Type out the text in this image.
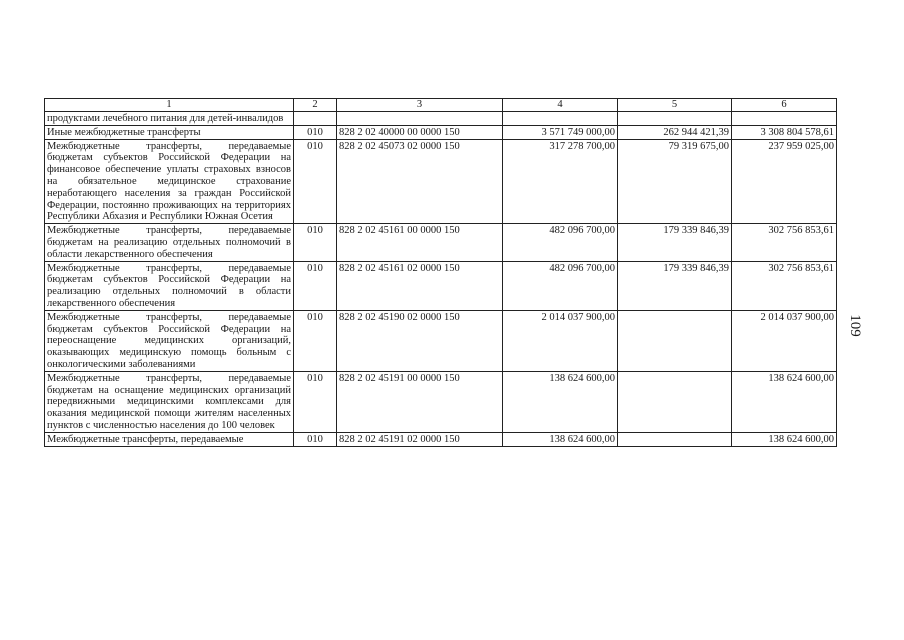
1	2	3	4	5	6
продуктами лечебного питания для детей-инвалидов					
Иные межбюджетные трансферты	010	828 2 02 40000 00 0000 150	3 571 749 000,00	262 944 421,39	3 308 804 578,61
Межбюджетные трансферты, передаваемые бюджетам субъектов Российской Федерации на финансовое обеспечение уплаты страховых взносов на обязательное медицинское страхование неработающего населения за граждан Российской Федерации, постоянно проживающих на территориях Республики Абхазия и Республики Южная Осетия	010	828 2 02 45073 02 0000 150	317 278 700,00	79 319 675,00	237 959 025,00
Межбюджетные трансферты, передаваемые бюджетам на реализацию отдельных полномочий в области лекарственного обеспечения	010	828 2 02 45161 00 0000 150	482 096 700,00	179 339 846,39	302 756 853,61
Межбюджетные трансферты, передаваемые бюджетам субъектов Российской Федерации на реализацию отдельных полномочий в области лекарственного обеспечения	010	828 2 02 45161 02 0000 150	482 096 700,00	179 339 846,39	302 756 853,61
Межбюджетные трансферты, передаваемые бюджетам субъектов Российской Федерации на переоснащение медицинских организаций, оказывающих медицинскую помощь больным с онкологическими заболеваниями	010	828 2 02 45190 02 0000 150	2 014 037 900,00		2 014 037 900,00
Межбюджетные трансферты, передаваемые бюджетам на оснащение медицинских организаций передвижными медицинскими комплексами для оказания медицинской помощи жителям населенных пунктов с численностью населения до 100 человек	010	828 2 02 45191 00 0000 150	138 624 600,00		138 624 600,00
Межбюджетные трансферты, передаваемые	010	828 2 02 45191 02 0000 150	138 624 600,00		138 624 600,00
109
